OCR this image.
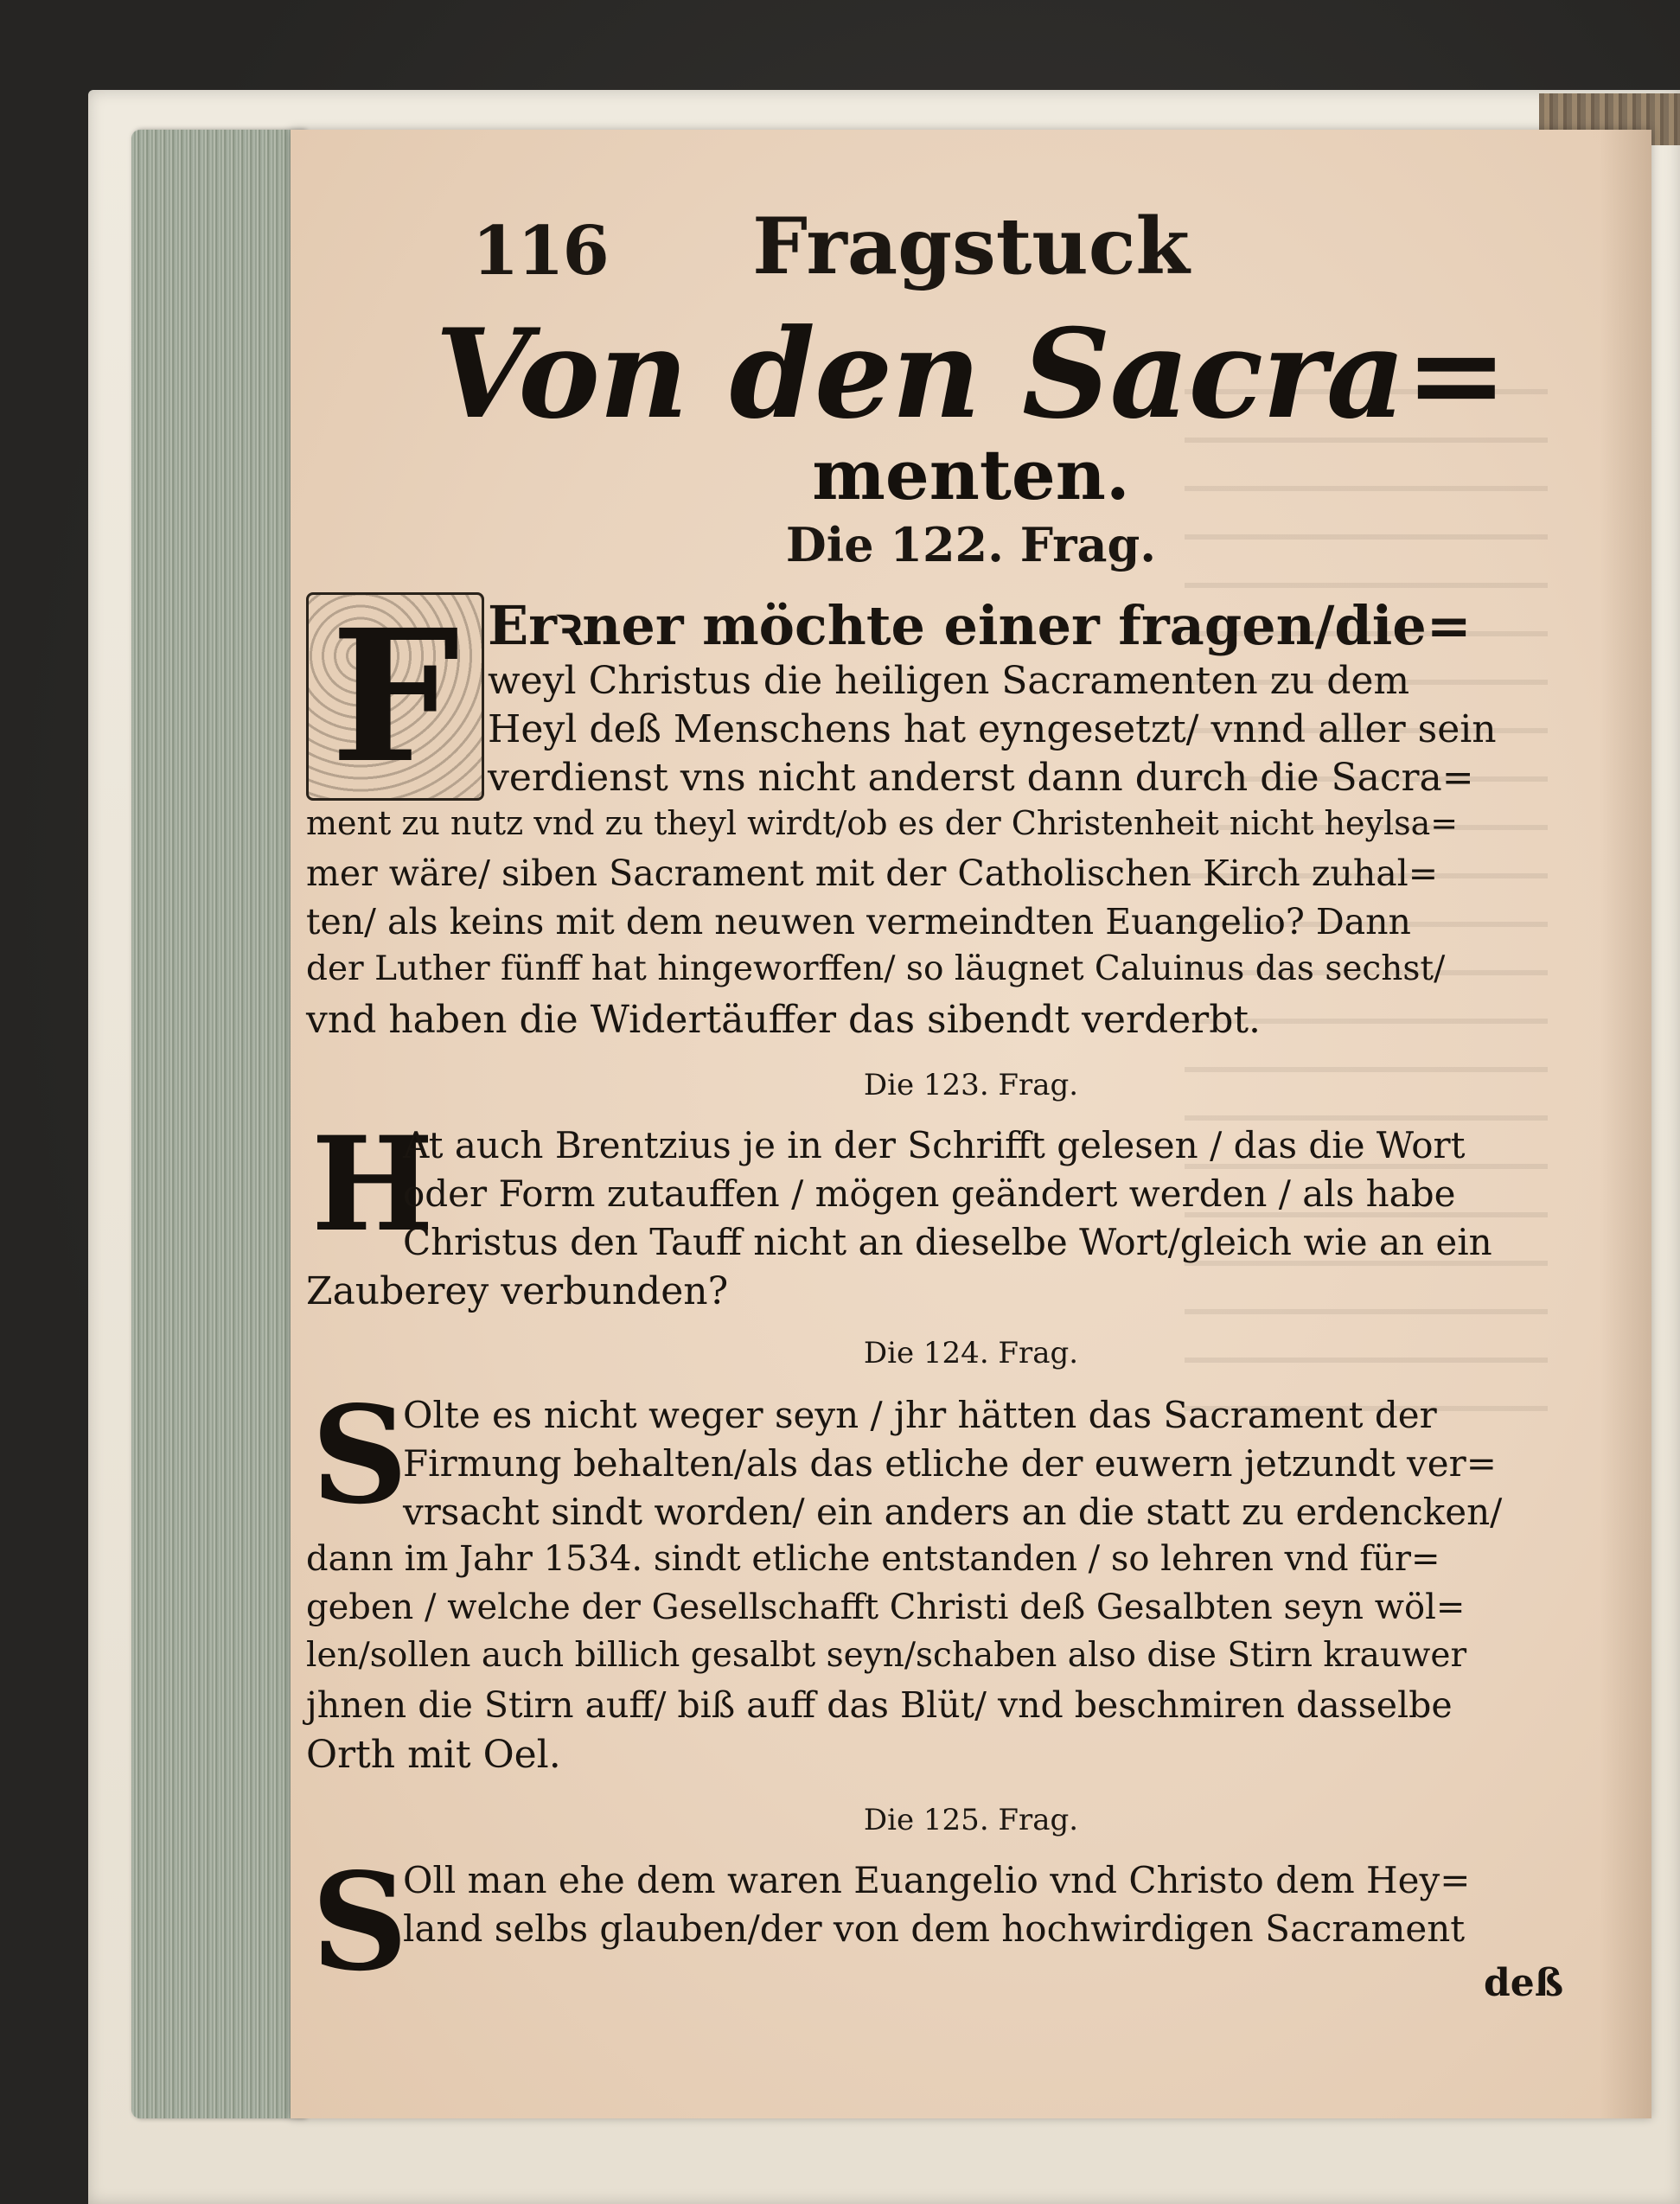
116	Fragstuck
Von den Sacra=
menten.
Die 122. Frag.
F Erꝛner möchte einer fragen/die=
weyl Christus die heiligen Sacramenten zu dem
Heyl deß Menschens hat eyngesetzt/ vnnd aller sein
verdienst vns nicht anderst dann durch die Sacra=
ment zu nutz vnd zu theyl wirdt/ob es der Christenheit nicht heylsa=
mer wäre/ siben Sacrament mit der Catholischen Kirch zuhal=
ten/ als keins mit dem neuwen vermeindten Euangelio? Dann
der Luther fünff hat hingeworffen/ so läugnet Caluinus das sechst/
vnd haben die Widertäuffer das sibendt verderbt.
Die 123. Frag.
H
At auch Brentzius je in der Schrifft gelesen / das die Wort
oder Form zutauffen / mögen geändert werden / als habe
Christus den Tauff nicht an dieselbe Wort/gleich wie an ein
Zauberey verbunden?
Die 124. Frag.
S
Olte es nicht weger seyn / jhr hätten das Sacrament der
Firmung behalten/als das etliche der euwern jetzundt ver=
vrsacht sindt worden/ ein anders an die statt zu erdencken/
dann im Jahr 1534. sindt etliche entstanden / so lehren vnd für=
geben / welche der Gesellschafft Christi deß Gesalbten seyn wöl=
len/sollen auch billich gesalbt seyn/schaben also dise Stirn krauwer
jhnen die Stirn auff/ biß auff das Blüt/ vnd beschmiren dasselbe
Orth mit Oel.
Die 125. Frag.
S
Oll man ehe dem waren Euangelio vnd Christo dem Hey=
land selbs glauben/der von dem hochwirdigen Sacrament
deß
